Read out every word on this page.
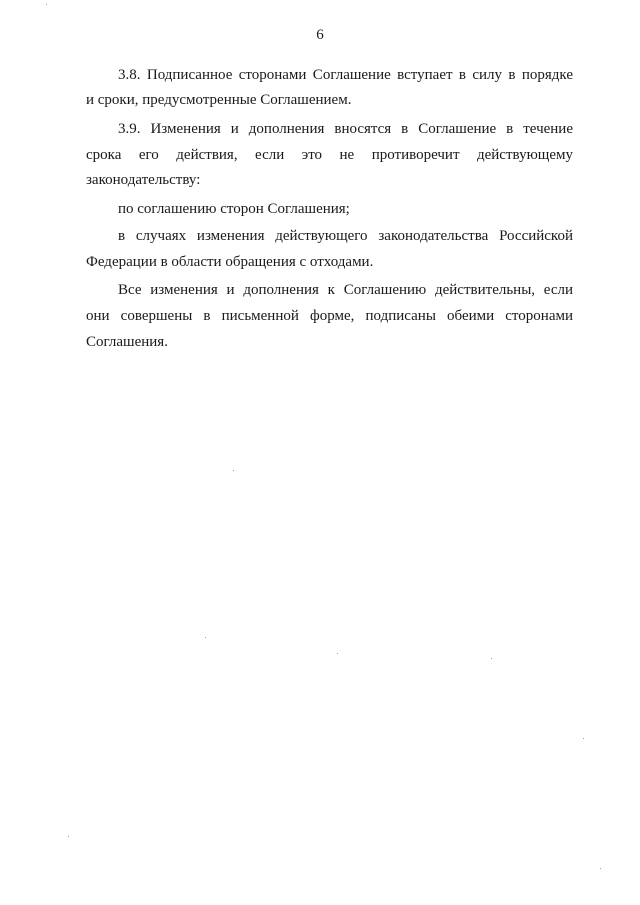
6
3.8. Подписанное сторонами Соглашение вступает в силу в порядке
и сроки, предусмотренные Соглашением.
3.9. Изменения и дополнения вносятся в Соглашение в течение
срока его действия, если это не противоречит действующему
законодательству:
по соглашению сторон Соглашения;
в случаях изменения действующего законодательства Российской
Федерации в области обращения с отходами.
Все изменения и дополнения к Соглашению действительны, если
они совершены в письменной форме, подписаны обеими сторонами
Соглашения.
